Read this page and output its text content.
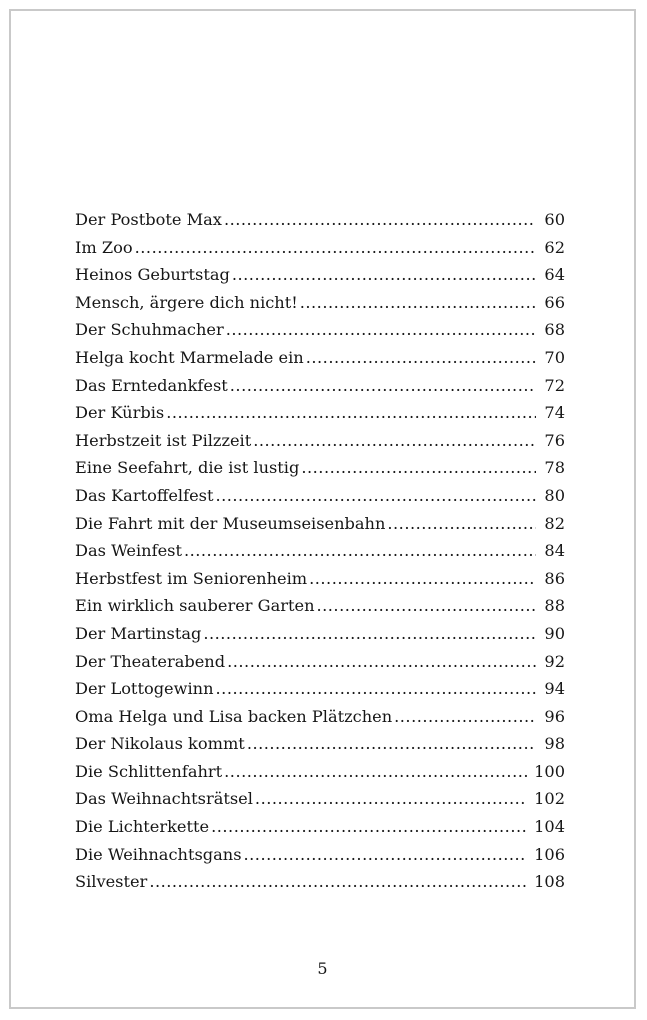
Der Postbote Max .....	60
Im Zoo .....	62
Heinos Geburtstag .....	64
Mensch, ärgere dich nicht! .....	66
Der Schuhmacher .....	68
Helga kocht Marmelade ein .....	70
Das Erntedankfest .....	72
Der Kürbis .....	74
Herbstzeit ist Pilzzeit .....	76
Eine Seefahrt, die ist lustig .....	78
Das Kartoffelfest .....	80
Die Fahrt mit der Museumseisenbahn .....	82
Das Weinfest .....	84
Herbstfest im Seniorenheim .....	86
Ein wirklich sauberer Garten .....	88
Der Martinstag .....	90
Der Theaterabend .....	92
Der Lottogewinn .....	94
Oma Helga und Lisa backen Plätzchen .....	96
Der Nikolaus kommt .....	98
Die Schlittenfahrt .....	100
Das Weihnachtsrätsel .....	102
Die Lichterkette .....	104
Die Weihnachtsgans .....	106
Silvester .....	108
5
